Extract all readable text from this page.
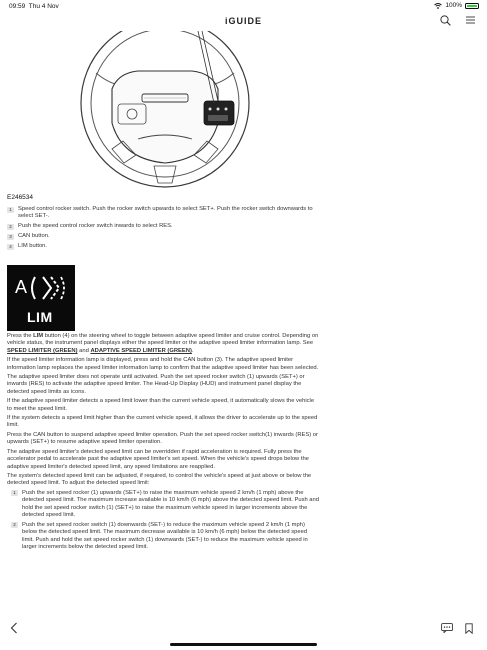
09:59 Thu 4 Nov	100%
iGUIDE
E246534
1	Speed control rocker switch. Push the rocker switch upwards to select SET+. Push the rocker switch downwards to select SET-.
2	Push the speed control rocker switch inwards to select RES.
3	CAN button.
4	LIM button.
A
LIM

Press the LIM button (4) on the steering wheel to toggle between adaptive speed limiter and cruise control. Depending on vehicle status, the instrument panel displays either the speed limiter or the adaptive speed limiter information lamp. See SPEED LIMITER (GREEN) and ADAPTIVE SPEED LIMITER (GREEN).

If the speed limiter information lamp is displayed, press and hold the CAN button (3). The adaptive speed limiter information lamp replaces the speed limiter information lamp to confirm that the adaptive speed limiter has been selected.

The adaptive speed limiter does not operate until activated. Push the set speed rocker switch (1) upwards (SET+) or inwards (RES) to activate the adaptive speed limiter. The Head-Up Display (HUD) and instrument panel display the detected speed limits as icons.

If the adaptive speed limiter detects a speed limit lower than the current vehicle speed, it automatically slows the vehicle to meet the speed limit.

If the system detects a speed limit higher than the current vehicle speed, it allows the driver to accelerate up to the speed limit.

Press the CAN button to suspend adaptive speed limiter operation. Push the set speed rocker switch(1) inwards (RES) or upwards (SET+) to resume adaptive speed limiter operation.

The adaptive speed limiter's detected speed limit can be overridden if rapid acceleration is required. Fully press the accelerator pedal to accelerate past the adaptive speed limiter's set speed. When the vehicle's speed drops below the adaptive speed limiter's detected speed limit, any speed limitations are reapplied.

The system's detected speed limit can be adjusted, if required, to control the vehicle's speed at just above or below the detected speed limit. To adjust the detected speed limit:

1	Push the set speed rocker (1) upwards (SET+) to raise the maximum vehicle speed 2 km/h (1 mph) above the detected speed limit. The maximum increase available is 10 km/h (6 mph) above the detected speed limit. Push and hold the set speed rocker switch (1) (SET+) to raise the maximum vehicle speed in larger increments above the detected speed limit.
2	Push the set speed rocker switch (1) downwards (SET-) to reduce the maximum vehicle speed 2 km/h (1 mph) below the detected speed limit. The maximum decrease available is 10 km/h (6 mph) below the detected speed limit. Push and hold the set speed rocker switch (1) downwards (SET-) to reduce the maximum vehicle speed in larger increments below the detected speed limit.
